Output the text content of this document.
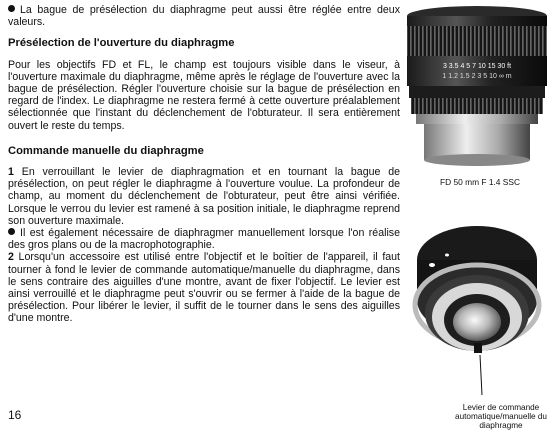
La bague de présélection du diaphragme peut aussi être réglée entre deux valeurs.

Présélection de l'ouverture du diaphragme

Pour les objectifs FD et FL, le champ est toujours visible dans le viseur, à l'ouverture maximale du diaphragme, même après le réglage de l'ouverture avec la bague de présélection. Régler l'ouverture choisie sur la bague de présélection en regard de l'index. Le diaphragme ne restera fermé à cette ouverture préalablement sélectionnée que l'instant du déclenchement de l'obturateur. Il sera entièrement ouvert le reste du temps.

Commande manuelle du diaphragme

1 En verrouillant le levier de diaphragmation et en tournant la bague de présélection, on peut régler le diaphragme à l'ouverture voulue. La profondeur de champ, au moment du déclenchement de l'obturateur, peut être ainsi vérifiée. Lorsque le verrou du levier est ramené à sa position initiale, le diaphragme reprend son ouverture maximale.

Il est également nécessaire de diaphragmer manuellement lorsque l'on réalise des gros plans ou de la macrophotographie.

2 Lorsqu'un accessoire est utilisé entre l'objectif et le boîtier de l'appareil, il faut tourner à fond le levier de commande automatique/manuelle du diaphragme, dans le sens contraire des aiguilles d'une montre, avant de fixer l'objectif. Le levier est ainsi verrouillé et le diaphragme peut s'ouvrir ou se fermer à l'aide de la bague de présélection. Pour libérer le levier, il suffit de le tourner dans le sens des aiguilles d'une montre.

16
3 3.5 4 5 7 10 15 30 ft
1 1.2 1.5 2 3 5 10 ∞ m
FD 50 mm F 1.4 SSC
Levier de commande automatique/manuelle du diaphragme
